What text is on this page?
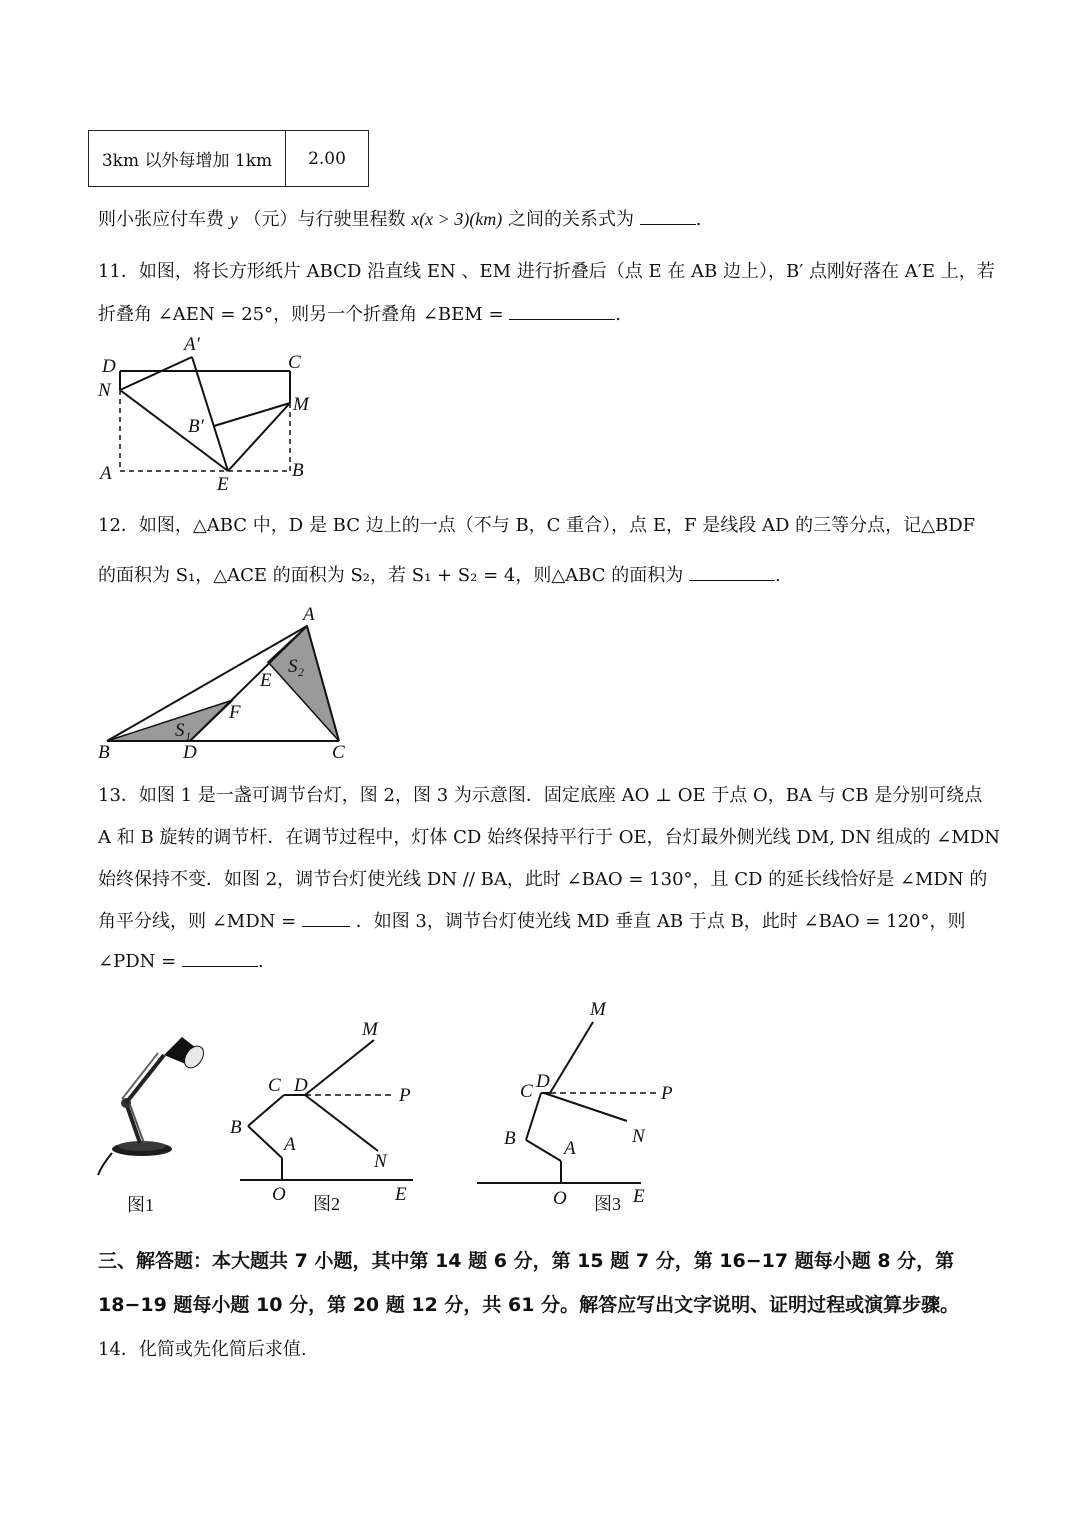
3km 以外每增加 1km	2.00
则小张应付车费 y （元）与行驶里程数 x(x > 3)(km) 之间的关系式为	.
11．如图，将长方形纸片 ABCD 沿直线 EN 、EM 进行折叠后（点 E 在 AB 边上），B′ 点刚好落在 A′E 上，若
折叠角 ∠AEN = 25°，则另一个折叠角 ∠BEM =	.
D
A′
C
N
M
B′
A
E
B
12．如图，△ABC 中，D 是 BC 边上的一点（不与 B，C 重合），点 E，F 是线段 AD 的三等分点，记△BDF
的面积为 S₁，△ACE 的面积为 S₂，若 S₁ + S₂ = 4，则△ABC 的面积为	.
A
S₂
E
F
S₁
B	D	C
13．如图 1 是一盏可调节台灯，图 2，图 3 为示意图．固定底座 AO ⊥ OE 于点 O，BA 与 CB 是分别可绕点
A 和 B 旋转的调节杆．在调节过程中，灯体 CD 始终保持平行于 OE，台灯最外侧光线 DM, DN 组成的 ∠MDN
始终保持不变．如图 2，调节台灯使光线 DN // BA，此时 ∠BAO = 130°，且 CD 的延长线恰好是 ∠MDN 的
角平分线，则 ∠MDN =	．如图 3，调节台灯使光线 MD 垂直 AB 于点 B，此时 ∠BAO = 120°，则
∠PDN =	.
图1
M
C D	P
B
A
N
O	E
图2
M
D
C	P
N
B	A
O	E
图3
三、解答题：本大题共 7 小题，其中第 14 题 6 分，第 15 题 7 分，第 16−17 题每小题 8 分，第
18−19 题每小题 10 分，第 20 题 12 分，共 61 分。解答应写出文字说明、证明过程或演算步骤。
14．化简或先化简后求值.
